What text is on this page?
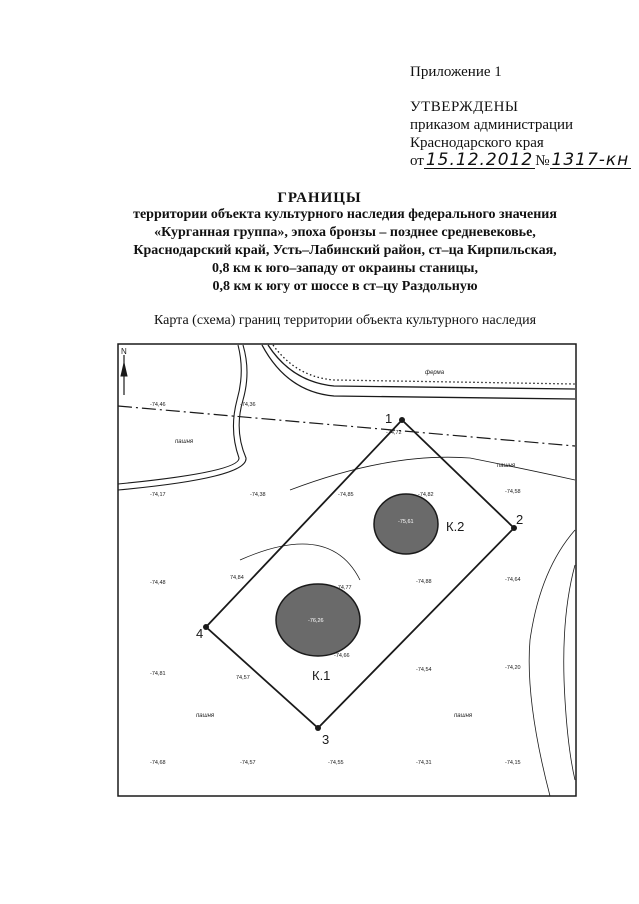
Приложение 1
УТВЕРЖДЕНЫ
приказом администрации
Краснодарского края
от 15.12.2012 № 1317-кн
ГРАНИЦЫ
территории объекта культурного наследия федерального значения
«Курганная группа», эпоха бронзы – позднее средневековье,
Краснодарский край, Усть–Лабинский район, ст–ца Кирпильская,
0,8 км к юго–западу от окраины станицы,
0,8 км к югу от шоссе в ст–цу Раздольную
Карта (схема) границ территории объекта культурного наследия
N
1
2
3
4
К.1
К.2
ферма
пашня
пашня
пашня	пашня
-74,46	-74,36
-74,17	-74,38	-74,85	-74,82	-74,58
-74,48
74,84
-74,77
-74,88	-74,64
-74,81
74,57
-74,66
-74,54	-74,20
-74,68	-74,57	-74,55	-74,31	-74,15
-74,72
-76,26
-75,61
